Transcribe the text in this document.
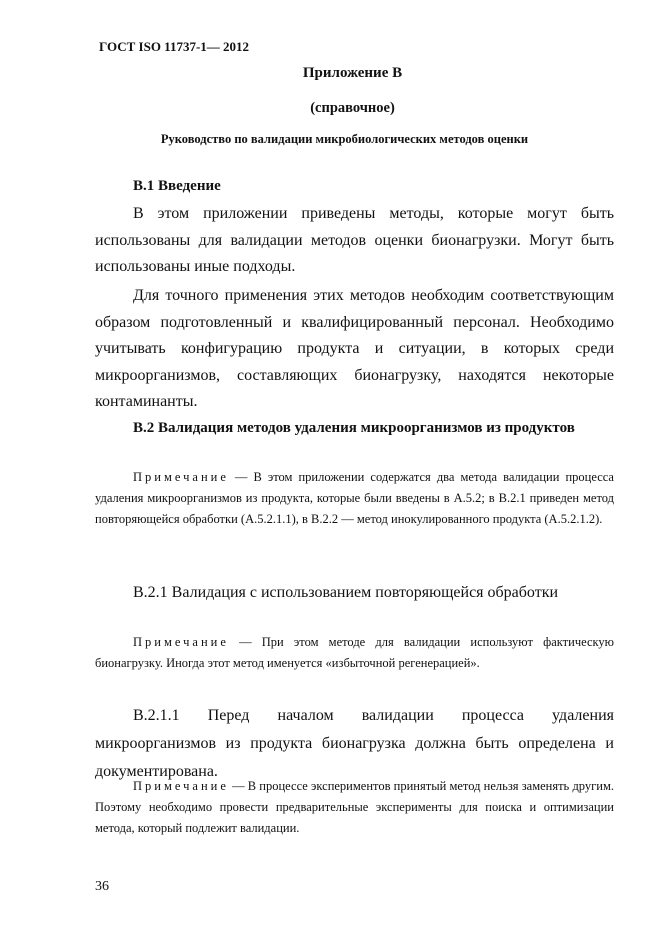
ГОСТ ISO 11737-1— 2012
Приложение В
(справочное)
Руководство по валидации микробиологических методов оценки
В.1 Введение
В этом приложении приведены методы, которые могут быть использованы для валидации методов оценки бионагрузки. Могут быть использованы иные подходы.
Для точного применения этих методов необходим соответствующим образом подготовленный и квалифицированный персонал. Необходимо учитывать конфигурацию продукта и ситуации, в которых среди микроорганизмов, составляющих бионагрузку, находятся некоторые контаминанты.
В.2 Валидация методов удаления микроорганизмов из продуктов
Примечание — В этом приложении содержатся два метода валидации процесса удаления микроорганизмов из продукта, которые были введены в А.5.2; в В.2.1 приведен метод повторяющейся обработки (А.5.2.1.1), в В.2.2 — метод инокулированного продукта (А.5.2.1.2).
В.2.1 Валидация с использованием повторяющейся обработки
Примечание — При этом методе для валидации используют фактическую бионагрузку. Иногда этот метод именуется «избыточной регенерацией».
В.2.1.1 Перед началом валидации процесса удаления микроорганизмов из продукта бионагрузка должна быть определена и документирована.
Примечание — В процессе экспериментов принятый метод нельзя заменять другим. Поэтому необходимо провести предварительные эксперименты для поиска и оптимизации метода, который подлежит валидации.
36
